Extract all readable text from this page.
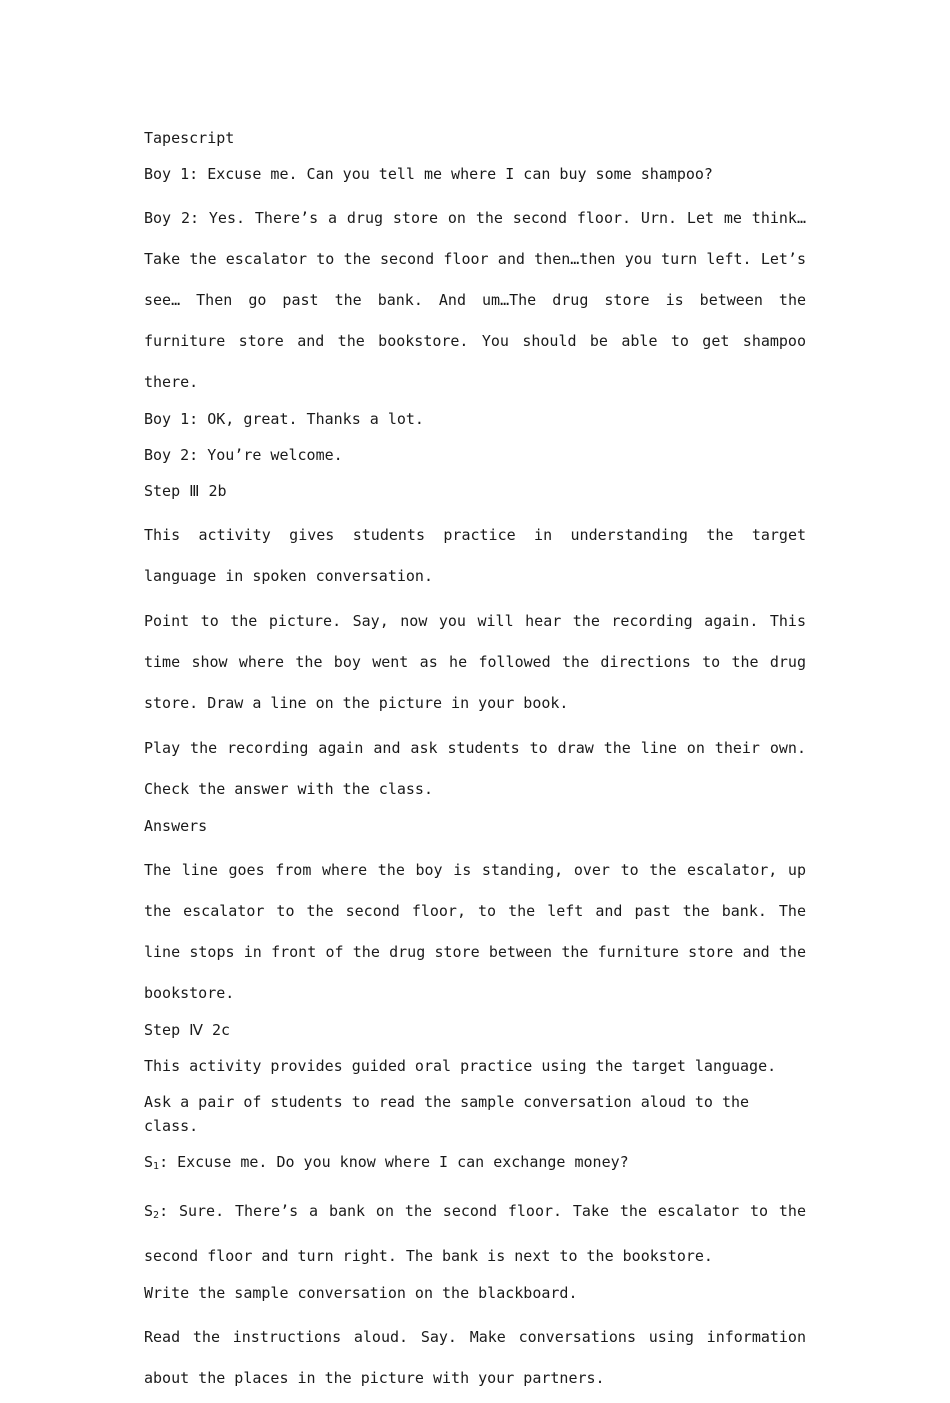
Tapescript

Boy 1: Excuse me. Can you tell me where I can buy some shampoo?

Boy 2: Yes. There’s a drug store on the second floor. Urn. Let me think… Take the escalator to the second floor and then…then you turn left. Let’s see… Then go past the bank. And um…The drug store is between the furniture store and the bookstore. You should be able to get shampoo there.

Boy 1: OK, great. Thanks a lot.

Boy 2: You’re welcome.

Step Ⅲ 2b

This activity gives students practice in understanding the target language in spoken conversation.

Point to the picture. Say, now you will hear the recording again. This time show where the boy went as he followed the directions to the drug store. Draw a line on the picture in your book.

Play the recording again and ask students to draw the line on their own. Check the answer with the class.

Answers

The line goes from where the boy is standing, over to the escalator, up the escalator to the second floor, to the left and past the bank. The line stops in front of the drug store between the furniture store and the bookstore.

Step Ⅳ 2c

This activity provides guided oral practice using the target language.

Ask a pair of students to read the sample conversation aloud to the class.

$S_1$: Excuse me. Do you know where I can exchange money?

$S_2$: Sure. There’s a bank on the second floor. Take the escalator to the second floor and turn right. The bank is next to the bookstore.

Write the sample conversation on the blackboard.

Read the instructions aloud. Say. Make conversations using information about the places in the picture with your partners.
